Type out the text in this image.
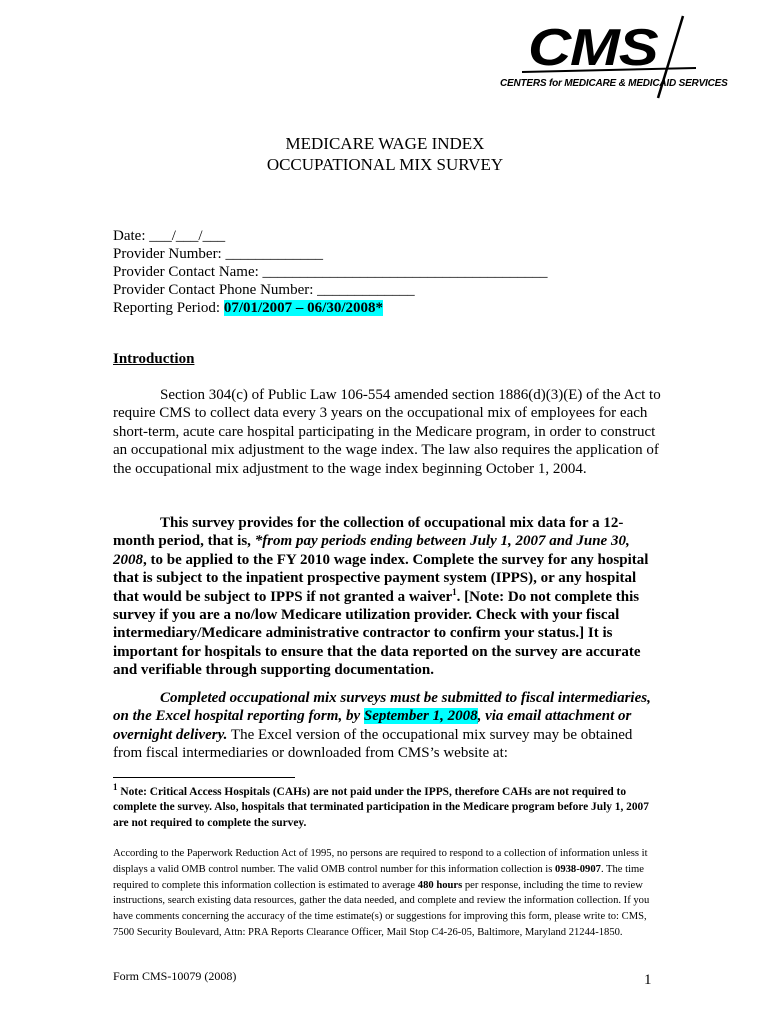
CMS
CENTERS for MEDICARE & MEDICAID SERVICES
MEDICARE WAGE INDEX
OCCUPATIONAL MIX SURVEY
Date: ___/___/___
Provider Number: _____________
Provider Contact Name: ______________________________________
Provider Contact Phone Number: _____________
Reporting Period: 07/01/2007 – 06/30/2008*
Introduction
Section 304(c) of Public Law 106-554 amended section 1886(d)(3)(E) of the Act to require CMS to collect data every 3 years on the occupational mix of employees for each short-term, acute care hospital participating in the Medicare program, in order to construct an occupational mix adjustment to the wage index. The law also requires the application of the occupational mix adjustment to the wage index beginning October 1, 2004.
This survey provides for the collection of occupational mix data for a 12-month period, that is, *from pay periods ending between July 1, 2007 and June 30, 2008, to be applied to the FY 2010 wage index. Complete the survey for any hospital that is subject to the inpatient prospective payment system (IPPS), or any hospital that would be subject to IPPS if not granted a waiver$^1$. [Note: Do not complete this survey if you are a no/low Medicare utilization provider. Check with your fiscal intermediary/Medicare administrative contractor to confirm your status.] It is important for hospitals to ensure that the data reported on the survey are accurate and verifiable through supporting documentation.
Completed occupational mix surveys must be submitted to fiscal intermediaries, on the Excel hospital reporting form, by September 1, 2008, via email attachment or overnight delivery. The Excel version of the occupational mix survey may be obtained from fiscal intermediaries or downloaded from CMS’s website at:
$^1$ Note: Critical Access Hospitals (CAHs) are not paid under the IPPS, therefore CAHs are not required to complete the survey. Also, hospitals that terminated participation in the Medicare program before July 1, 2007 are not required to complete the survey.
According to the Paperwork Reduction Act of 1995, no persons are required to respond to a collection of information unless it displays a valid OMB control number. The valid OMB control number for this information collection is 0938-0907. The time required to complete this information collection is estimated to average 480 hours per response, including the time to review instructions, search existing data resources, gather the data needed, and complete and review the information collection. If you have comments concerning the accuracy of the time estimate(s) or suggestions for improving this form, please write to: CMS, 7500 Security Boulevard, Attn: PRA Reports Clearance Officer, Mail Stop C4-26-05, Baltimore, Maryland 21244-1850.
Form CMS-10079 (2008)	1
